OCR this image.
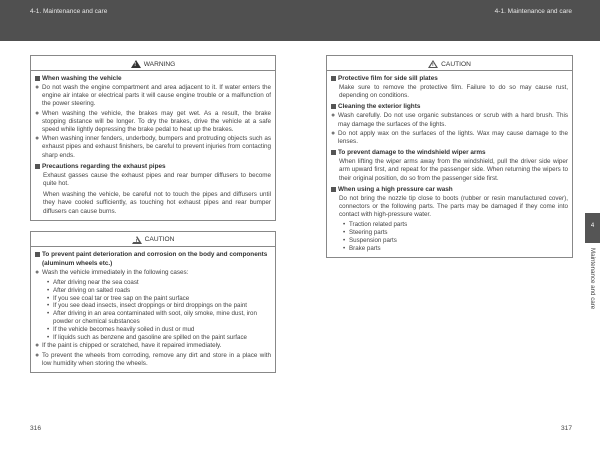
4-1. Maintenance and care	4-1. Maintenance and care
!
WARNING
When washing the vehicle
● Do not wash the engine compartment and area adjacent to it. If water enters the engine air intake or electrical parts it will cause engine trouble or a malfunction of the power steering.
● When washing the vehicle, the brakes may get wet. As a result, the brake stopping distance will be longer. To dry the brakes, drive the vehicle at a safe speed while lightly depressing the brake pedal to heat up the brakes.
● When washing inner fenders, underbody, bumpers and protruding objects such as exhaust pipes and exhaust finishers, be careful to prevent injuries from contacting sharp ends.
Precautions regarding the exhaust pipes
Exhaust gasses cause the exhaust pipes and rear bumper diffusers to become quite hot.
When washing the vehicle, be careful not to touch the pipes and diffusers until they have cooled sufficiently, as touching hot exhaust pipes and rear bumper diffusers can cause burns.
!
CAUTION
To prevent paint deterioration and corrosion on the body and components (aluminum wheels etc.)
● Wash the vehicle immediately in the following cases:
• After driving near the sea coast
• After driving on salted roads
• If you see coal tar or tree sap on the paint surface
• If you see dead insects, insect droppings or bird droppings on the paint
• After driving in an area contaminated with soot, oily smoke, mine dust, iron powder or chemical substances
• If the vehicle becomes heavily soiled in dust or mud
• If liquids such as benzene and gasoline are spilled on the paint surface
● If the paint is chipped or scratched, have it repaired immediately.
● To prevent the wheels from corroding, remove any dirt and store in a place with low humidity when storing the wheels.
!
CAUTION
Protective film for side sill plates
Make sure to remove the protective film. Failure to do so may cause rust, depending on conditions.
Cleaning the exterior lights
● Wash carefully. Do not use organic substances or scrub with a hard brush. This may damage the surfaces of the lights.
● Do not apply wax on the surfaces of the lights. Wax may cause damage to the lenses.
To prevent damage to the windshield wiper arms
When lifting the wiper arms away from the windshield, pull the driver side wiper arm upward first, and repeat for the passenger side. When returning the wipers to their original position, do so from the passenger side first.
When using a high pressure car wash
Do not bring the nozzle tip close to boots (rubber or resin manufactured cover), connectors or the following parts. The parts may be damaged if they come into contact with high-pressure water.
• Traction related parts
• Steering parts
• Suspension parts
• Brake parts
4
Maintenance and care
316	317
